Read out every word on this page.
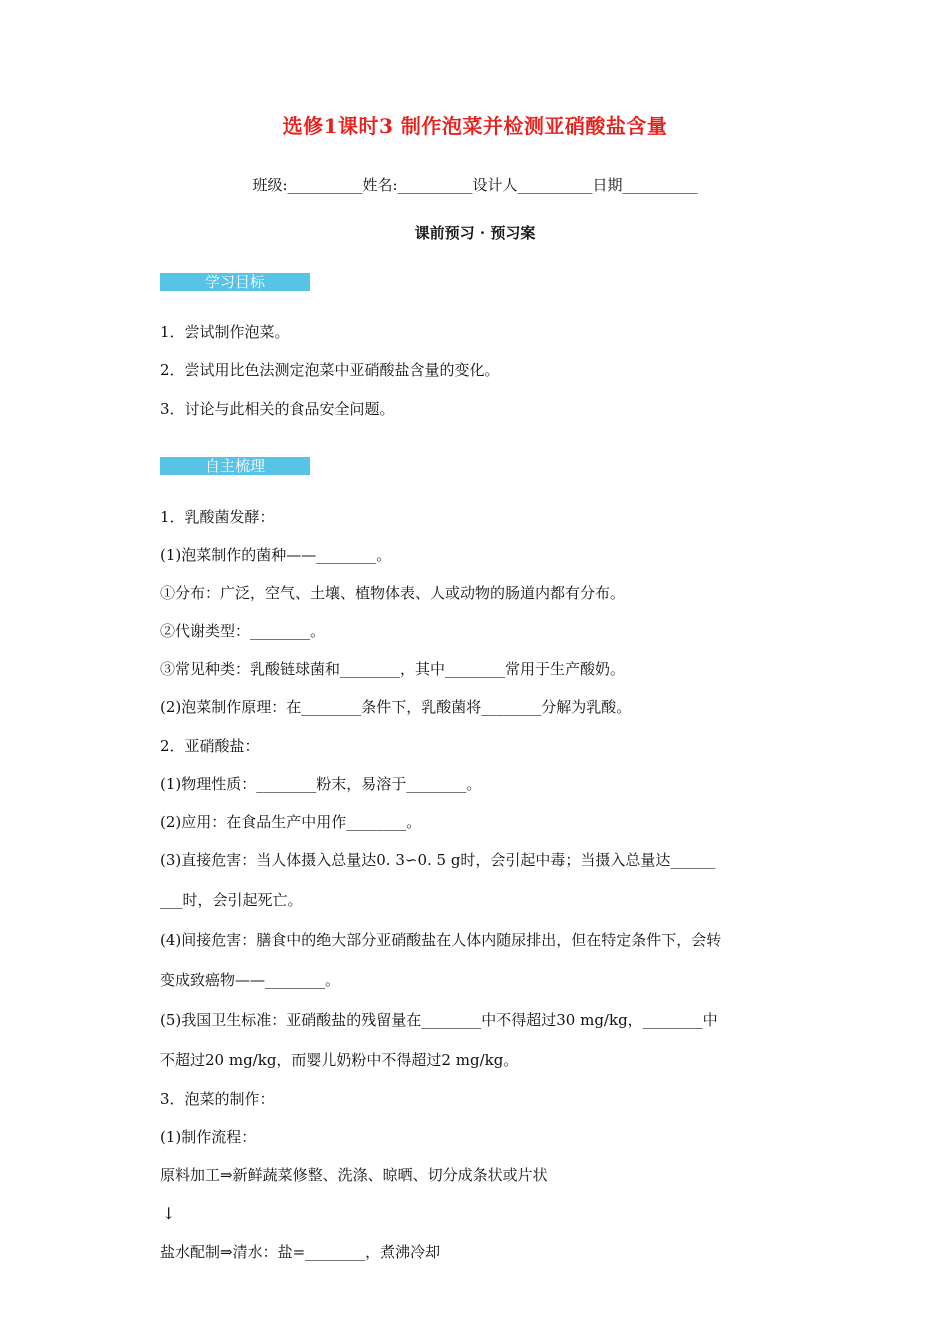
选修1课时3 制作泡菜并检测亚硝酸盐含量
班级:__________姓名:__________设计人__________日期__________
课前预习 · 预习案
学习目标
1．尝试制作泡菜。
2．尝试用比色法测定泡菜中亚硝酸盐含量的变化。
3．讨论与此相关的食品安全问题。
自主梳理
1．乳酸菌发酵：
(1)泡菜制作的菌种——________。
①分布：广泛，空气、土壤、植物体表、人或动物的肠道内都有分布。
②代谢类型：________。
③常见种类：乳酸链球菌和________，其中________常用于生产酸奶。
(2)泡菜制作原理：在________条件下，乳酸菌将________分解为乳酸。
2．亚硝酸盐：
(1)物理性质：________粉末，易溶于________。
(2)应用：在食品生产中用作________。
(3)直接危害：当人体摄入总量达0. 3∽0. 5 g时，会引起中毒；当摄入总量达______
___时，会引起死亡。
(4)间接危害：膳食中的绝大部分亚硝酸盐在人体内随尿排出，但在特定条件下，会转
变成致癌物——________。
(5)我国卫生标准：亚硝酸盐的残留量在________中不得超过30 mg/kg，________中
不超过20 mg/kg，而婴儿奶粉中不得超过2 mg/kg。
3．泡菜的制作：
(1)制作流程：
原料加工⇒新鲜蔬菜修整、洗涤、晾晒、切分成条状或片状
↓
盐水配制⇒清水：盐=________，煮沸冷却
